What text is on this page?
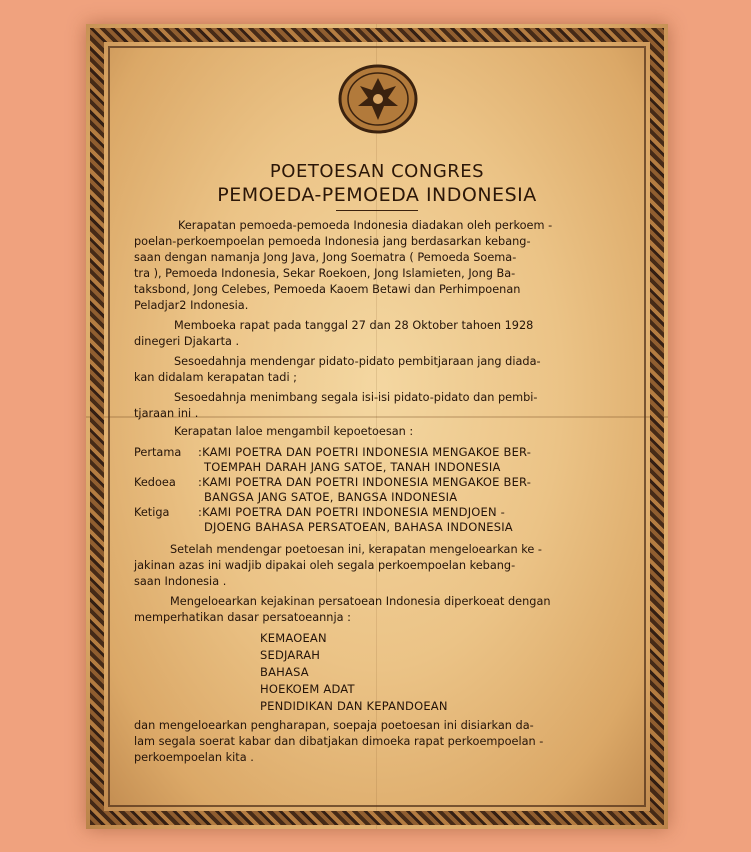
POETOESAN CONGRES
PEMOEDA-PEMOEDA INDONESIA
Kerapatan pemoeda-pemoeda Indonesia diadakan oleh perkoem -
poelan-perkoempoelan pemoeda Indonesia jang berdasarkan kebang-
saan dengan namanja Jong Java, Jong Soematra ( Pemoeda Soema-
tra ), Pemoeda Indonesia, Sekar Roekoen, Jong Islamieten, Jong Ba-
taksbond, Jong Celebes, Pemoeda Kaoem Betawi dan Perhimpoenan
Peladjar2 Indonesia.
Memboeka rapat pada tanggal 27 dan 28 Oktober tahoen 1928
dinegeri Djakarta .
Sesoedahnja mendengar pidato-pidato pembitjaraan jang diada-
kan didalam kerapatan tadi ;
Sesoedahnja menimbang segala isi-isi pidato-pidato dan pembi-
tjaraan ini .
Kerapatan laloe mengambil kepoetoesan :
Pertama :KAMI POETRA DAN POETRI INDONESIA MENGAKOE BER-
TOEMPAH DARAH JANG SATOE, TANAH INDONESIA
Kedoea :KAMI POETRA DAN POETRI INDONESIA MENGAKOE BER-
BANGSA JANG SATOE, BANGSA INDONESIA
Ketiga :KAMI POETRA DAN POETRI INDONESIA MENDJOEN -
DJOENG BAHASA PERSATOEAN, BAHASA INDONESIA
Setelah mendengar poetoesan ini, kerapatan mengeloearkan ke -
jakinan azas ini wadjib dipakai oleh segala perkoempoelan kebang-
saan Indonesia .
Mengeloearkan kejakinan persatoean Indonesia diperkoeat dengan
memperhatikan dasar persatoeannja :
KEMAOEAN
SEDJARAH
BAHASA
HOEKOEM ADAT
PENDIDIKAN DAN KEPANDOEAN
dan mengeloearkan pengharapan, soepaja poetoesan ini disiarkan da-
lam segala soerat kabar dan dibatjakan dimoeka rapat perkoempoelan -
perkoempoelan kita .
